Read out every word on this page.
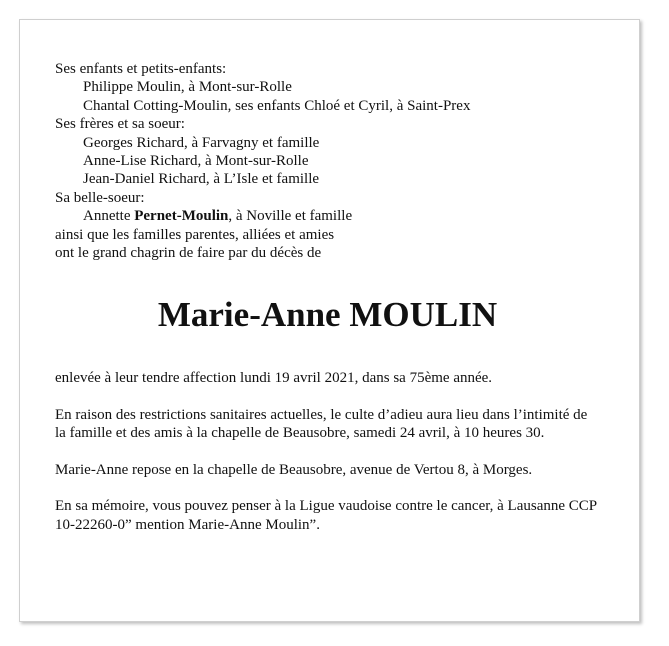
Ses enfants et petits-enfants:
Philippe Moulin, à Mont-sur-Rolle
Chantal Cotting-Moulin, ses enfants Chloé et Cyril, à Saint-Prex
Ses frères et sa soeur:
Georges Richard, à Farvagny et famille
Anne-Lise Richard, à Mont-sur-Rolle
Jean-Daniel Richard, à L’Isle et famille
Sa belle-soeur:
Annette Pernet-Moulin, à Noville et famille
ainsi que les familles parentes, alliées et amies
ont le grand chagrin de faire par du décès de
Marie-Anne MOULIN
enlevée à leur tendre affection lundi 19 avril 2021, dans sa 75ème année.
En raison des restrictions sanitaires actuelles, le culte d’adieu aura lieu dans l’intimité de la famille et des amis à la chapelle de Beausobre, samedi 24 avril, à 10 heures 30.
Marie-Anne repose en la chapelle de Beausobre, avenue de Vertou 8, à Morges.
En sa mémoire, vous pouvez penser à la Ligue vaudoise contre le cancer, à Lausanne CCP 10-22260-0” mention Marie-Anne Moulin”.
